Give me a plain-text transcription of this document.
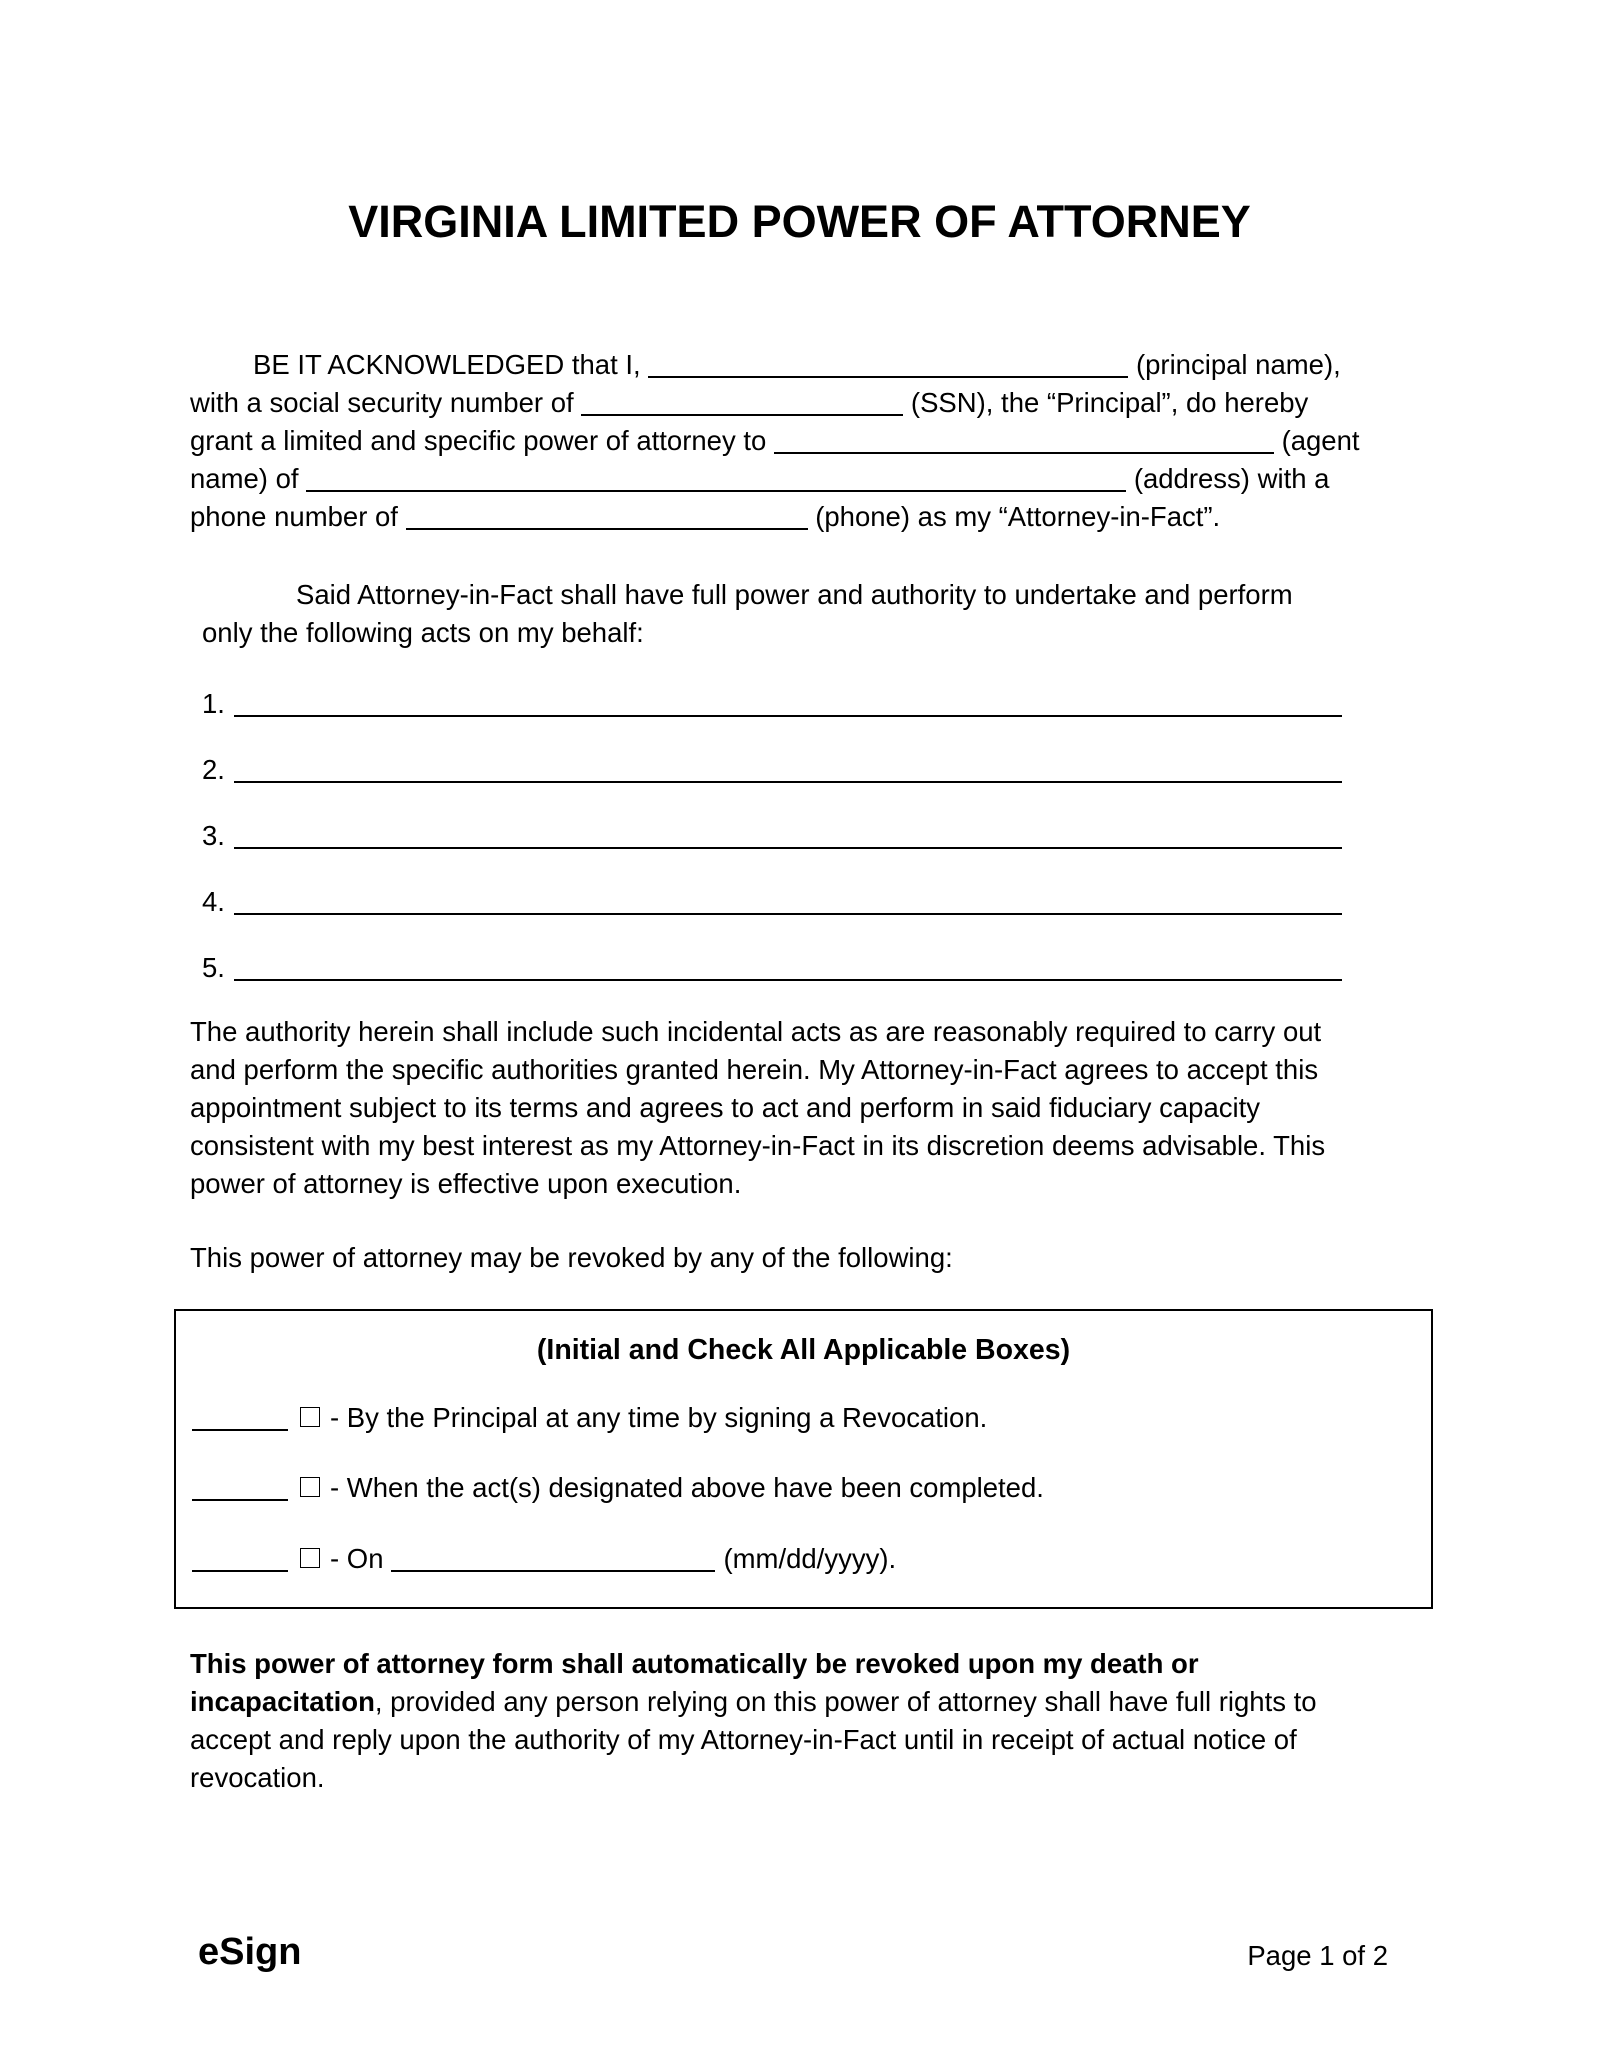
VIRGINIA LIMITED POWER OF ATTORNEY
BE IT ACKNOWLEDGED that I,	(principal name),
with a social security number of	(SSN), the “Principal”, do hereby
grant a limited and specific power of attorney to	(agent
name) of	(address) with a
phone number of	(phone) as my “Attorney-in-Fact”.
Said Attorney-in-Fact shall have full power and authority to undertake and perform
only the following acts on my behalf:
1.
2.
3.
4.
5.
The authority herein shall include such incidental acts as are reasonably required to carry out
and perform the specific authorities granted herein. My Attorney-in-Fact agrees to accept this
appointment subject to its terms and agrees to act and perform in said fiduciary capacity
consistent with my best interest as my Attorney-in-Fact in its discretion deems advisable. This
power of attorney is effective upon execution.
This power of attorney may be revoked by any of the following:
(Initial and Check All Applicable Boxes)
- By the Principal at any time by signing a Revocation.
- When the act(s) designated above have been completed.
- On	(mm/dd/yyyy).
This power of attorney form shall automatically be revoked upon my death or
incapacitation, provided any person relying on this power of attorney shall have full rights to
accept and reply upon the authority of my Attorney-in-Fact until in receipt of actual notice of
revocation.
eSign	Page 1 of 2
